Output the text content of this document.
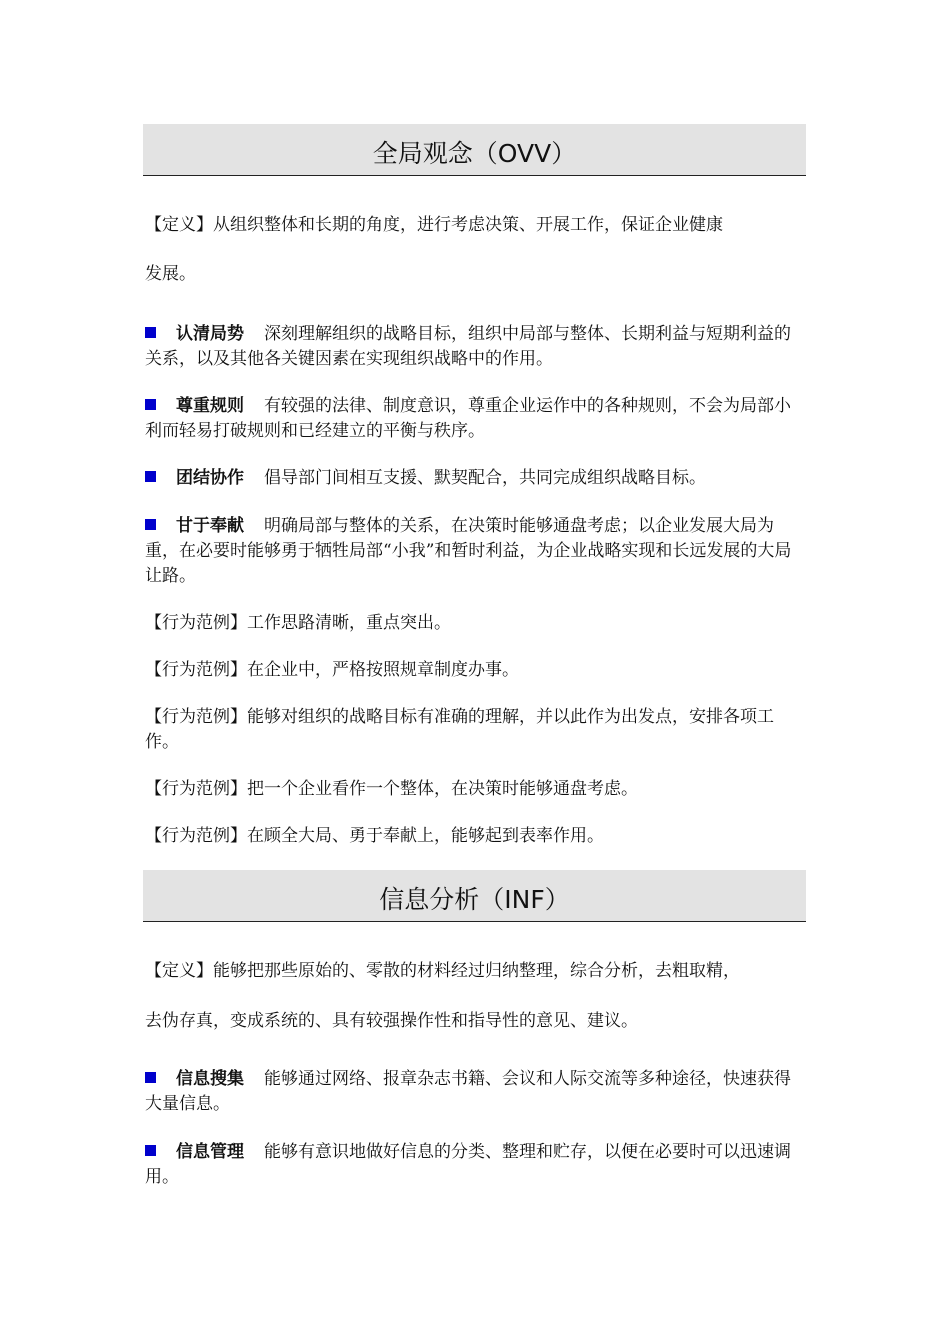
全局观念（OVV）

【定义】从组织整体和长期的角度，进行考虑决策、开展工作，保证企业健康

发展。

认清局势 深刻理解组织的战略目标，组织中局部与整体、长期利益与短期利益的关系，以及其他各关键因素在实现组织战略中的作用。

尊重规则 有较强的法律、制度意识，尊重企业运作中的各种规则，不会为局部小利而轻易打破规则和已经建立的平衡与秩序。

团结协作 倡导部门间相互支援、默契配合，共同完成组织战略目标。

甘于奉献 明确局部与整体的关系，在决策时能够通盘考虑；以企业发展大局为重，在必要时能够勇于牺牲局部“小我”和暂时利益，为企业战略实现和长远发展的大局让路。

【行为范例】工作思路清晰，重点突出。

【行为范例】在企业中，严格按照规章制度办事。

【行为范例】能够对组织的战略目标有准确的理解，并以此作为出发点，安排各项工作。

【行为范例】把一个企业看作一个整体，在决策时能够通盘考虑。

【行为范例】在顾全大局、勇于奉献上，能够起到表率作用。

信息分析（INF）

【定义】能够把那些原始的、零散的材料经过归纳整理，综合分析，去粗取精，

去伪存真，变成系统的、具有较强操作性和指导性的意见、建议。

信息搜集 能够通过网络、报章杂志书籍、会议和人际交流等多种途径，快速获得大量信息。

信息管理 能够有意识地做好信息的分类、整理和贮存，以便在必要时可以迅速调用。
